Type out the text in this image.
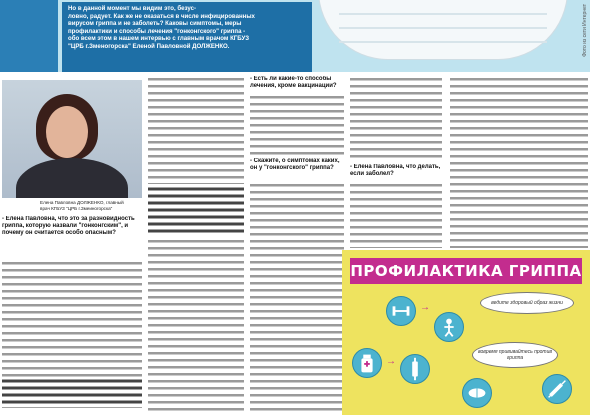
Но в данной момент мы видим это, безус-
ловно, радует. Как же не оказаться в числе инфицированных
вирусом гриппа и не заболеть? Каковы симптомы, меры
профилактики и способы лечения "гонконгского" гриппа -
обо всем этом в нашем интервью с главным врачом КГБУЗ
"ЦРБ г.Зменогорска" Еленой Павловной ДОЛЖЕНКО.	Фото из сети Интернет
Елена Павловна ДОЛЖЕНКО, главный
врач КГБУЗ "ЦРБ г.Змеиногорска"
- Елена Павловна, что это за разновидность гриппа, которую назвали "гонконгским", и почему он считается особо опасным?
- Есть ли какие-то способы лечения, кроме вакцинации?
- Скажите, о симптомах каких, он у "гонконгского" гриппа?	- Елена Павловна, что делать, если заболел?
ПРОФИЛАКТИКА ГРИППА
ведите здоровый образ жизни
→
→
вовремя прививайтесь против гриппа
